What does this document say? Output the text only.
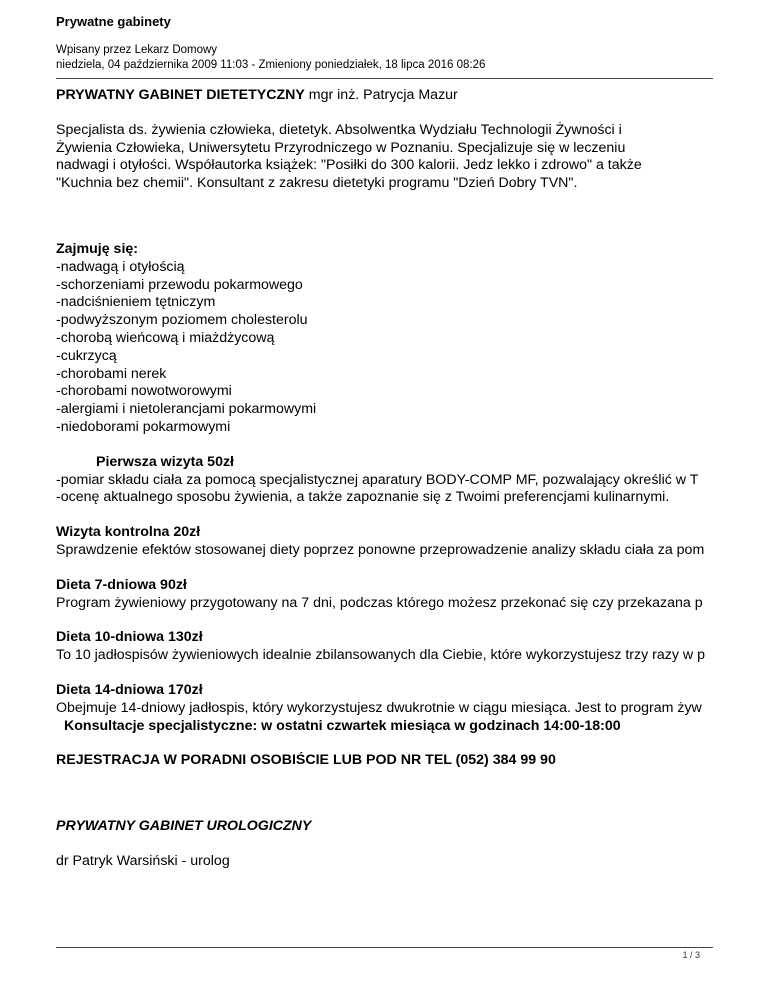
Prywatne gabinety
Wpisany przez Lekarz Domowy
niedziela, 04 października 2009 11:03 - Zmieniony poniedziałek, 18 lipca 2016 08:26
PRYWATNY GABINET DIETETYCZNY mgr inż. Patrycja Mazur
Specjalista ds. żywienia człowieka, dietetyk. Absolwentka Wydziału Technologii Żywności i
Żywienia Człowieka, Uniwersytetu Przyrodniczego w Poznaniu. Specjalizuje się w leczeniu
nadwagi i otyłości. Współautorka książek: "Posiłki do 300 kalorii. Jedz lekko i zdrowo" a także
"Kuchnia bez chemii". Konsultant z zakresu dietetyki programu "Dzień Dobry TVN".
Zajmuję się:
-nadwagą i otyłością
-schorzeniami przewodu pokarmowego
-nadciśnieniem tętniczym
-podwyższonym poziomem cholesterolu
-chorobą wieńcową i miażdżycową
-cukrzycą
-chorobami nerek
-chorobami nowotworowymi
-alergiami i nietolerancjami pokarmowymi
-niedoborami pokarmowymi
Pierwsza wizyta 50zł
-pomiar składu ciała za pomocą specjalistycznej aparatury BODY-COMP MF, pozwalający określić w T
-ocenę aktualnego sposobu żywienia, a także zapoznanie się z Twoimi preferencjami kulinarnymi.
Wizyta kontrolna 20zł
Sprawdzenie efektów stosowanej diety poprzez ponowne przeprowadzenie analizy składu ciała za pom
Dieta 7-dniowa 90zł
Program żywieniowy przygotowany na 7 dni, podczas którego możesz przekonać się czy przekazana p
Dieta 10-dniowa 130zł
To 10 jadłospisów żywieniowych idealnie zbilansowanych dla Ciebie, które wykorzystujesz trzy razy w p
Dieta 14-dniowa 170zł
Obejmuje 14-dniowy jadłospis, który wykorzystujesz dwukrotnie w ciągu miesiąca. Jest to program żyw
Konsultacje specjalistyczne: w ostatni czwartek miesiąca w godzinach 14:00-18:00
REJESTRACJA W PORADNI OSOBIŚCIE LUB POD NR TEL (052) 384 99 90
PRYWATNY GABINET UROLOGICZNY
dr Patryk Warsiński - urolog
1 / 3
